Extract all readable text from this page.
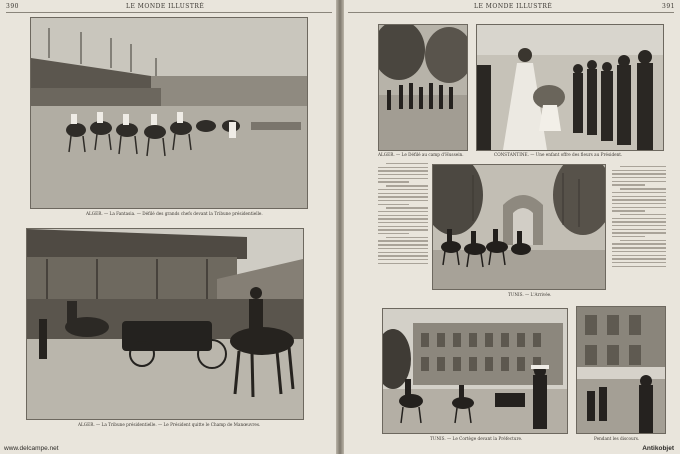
390	LE MONDE ILLUSTRÉ
ALGER. — La Fantasia. — Défilé des grands chefs devant la Tribune présidentielle.
ALGER. — La Tribune présidentielle. — Le Président quitte le Champ de Manœuvres.
LE MONDE ILLUSTRÉ	391
ALGER. — Le Défilé au camp d'Hussein.	CONSTANTINE. — Une enfant offre des fleurs au Président.
TUNIS. — L'Arrivée.
TUNIS. — Le Cortège devant la Préfecture.	Pendant les discours.
www.delcampe.net	Antikobjet
